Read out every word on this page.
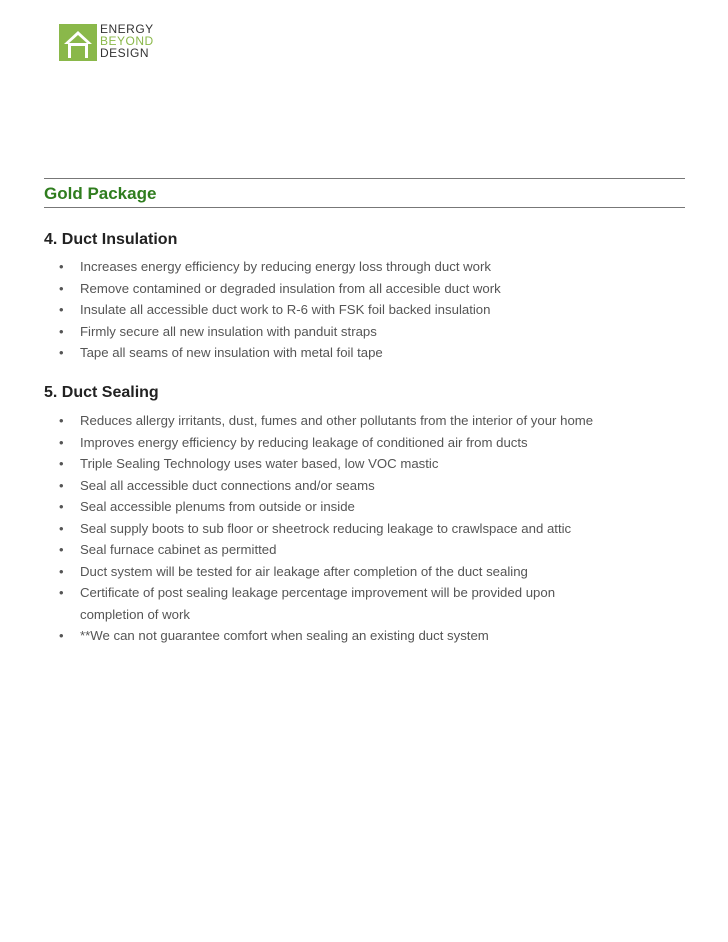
ENERGY
BEYOND
DESIGN
Gold Package
4. Duct Insulation
• Increases energy efficiency by reducing energy loss through duct work
• Remove contamined or degraded insulation from all accesible duct work
• Insulate all accessible duct work to R-6 with FSK foil backed insulation
• Firmly secure all new insulation with panduit straps
• Tape all seams of new insulation with metal foil tape
5. Duct Sealing
• Reduces allergy irritants, dust, fumes and other pollutants from the interior of your home
• Improves energy efficiency by reducing leakage of conditioned air from ducts
• Triple Sealing Technology uses water based, low VOC mastic
• Seal all accessible duct connections and/or seams
• Seal accessible plenums from outside or inside
• Seal supply boots to sub floor or sheetrock reducing leakage to crawlspace and attic
• Seal furnace cabinet as permitted
• Duct system will be tested for air leakage after completion of the duct sealing
• Certificate of post sealing leakage percentage improvement will be provided upon completion of work
• **We can not guarantee comfort when sealing an existing duct system
